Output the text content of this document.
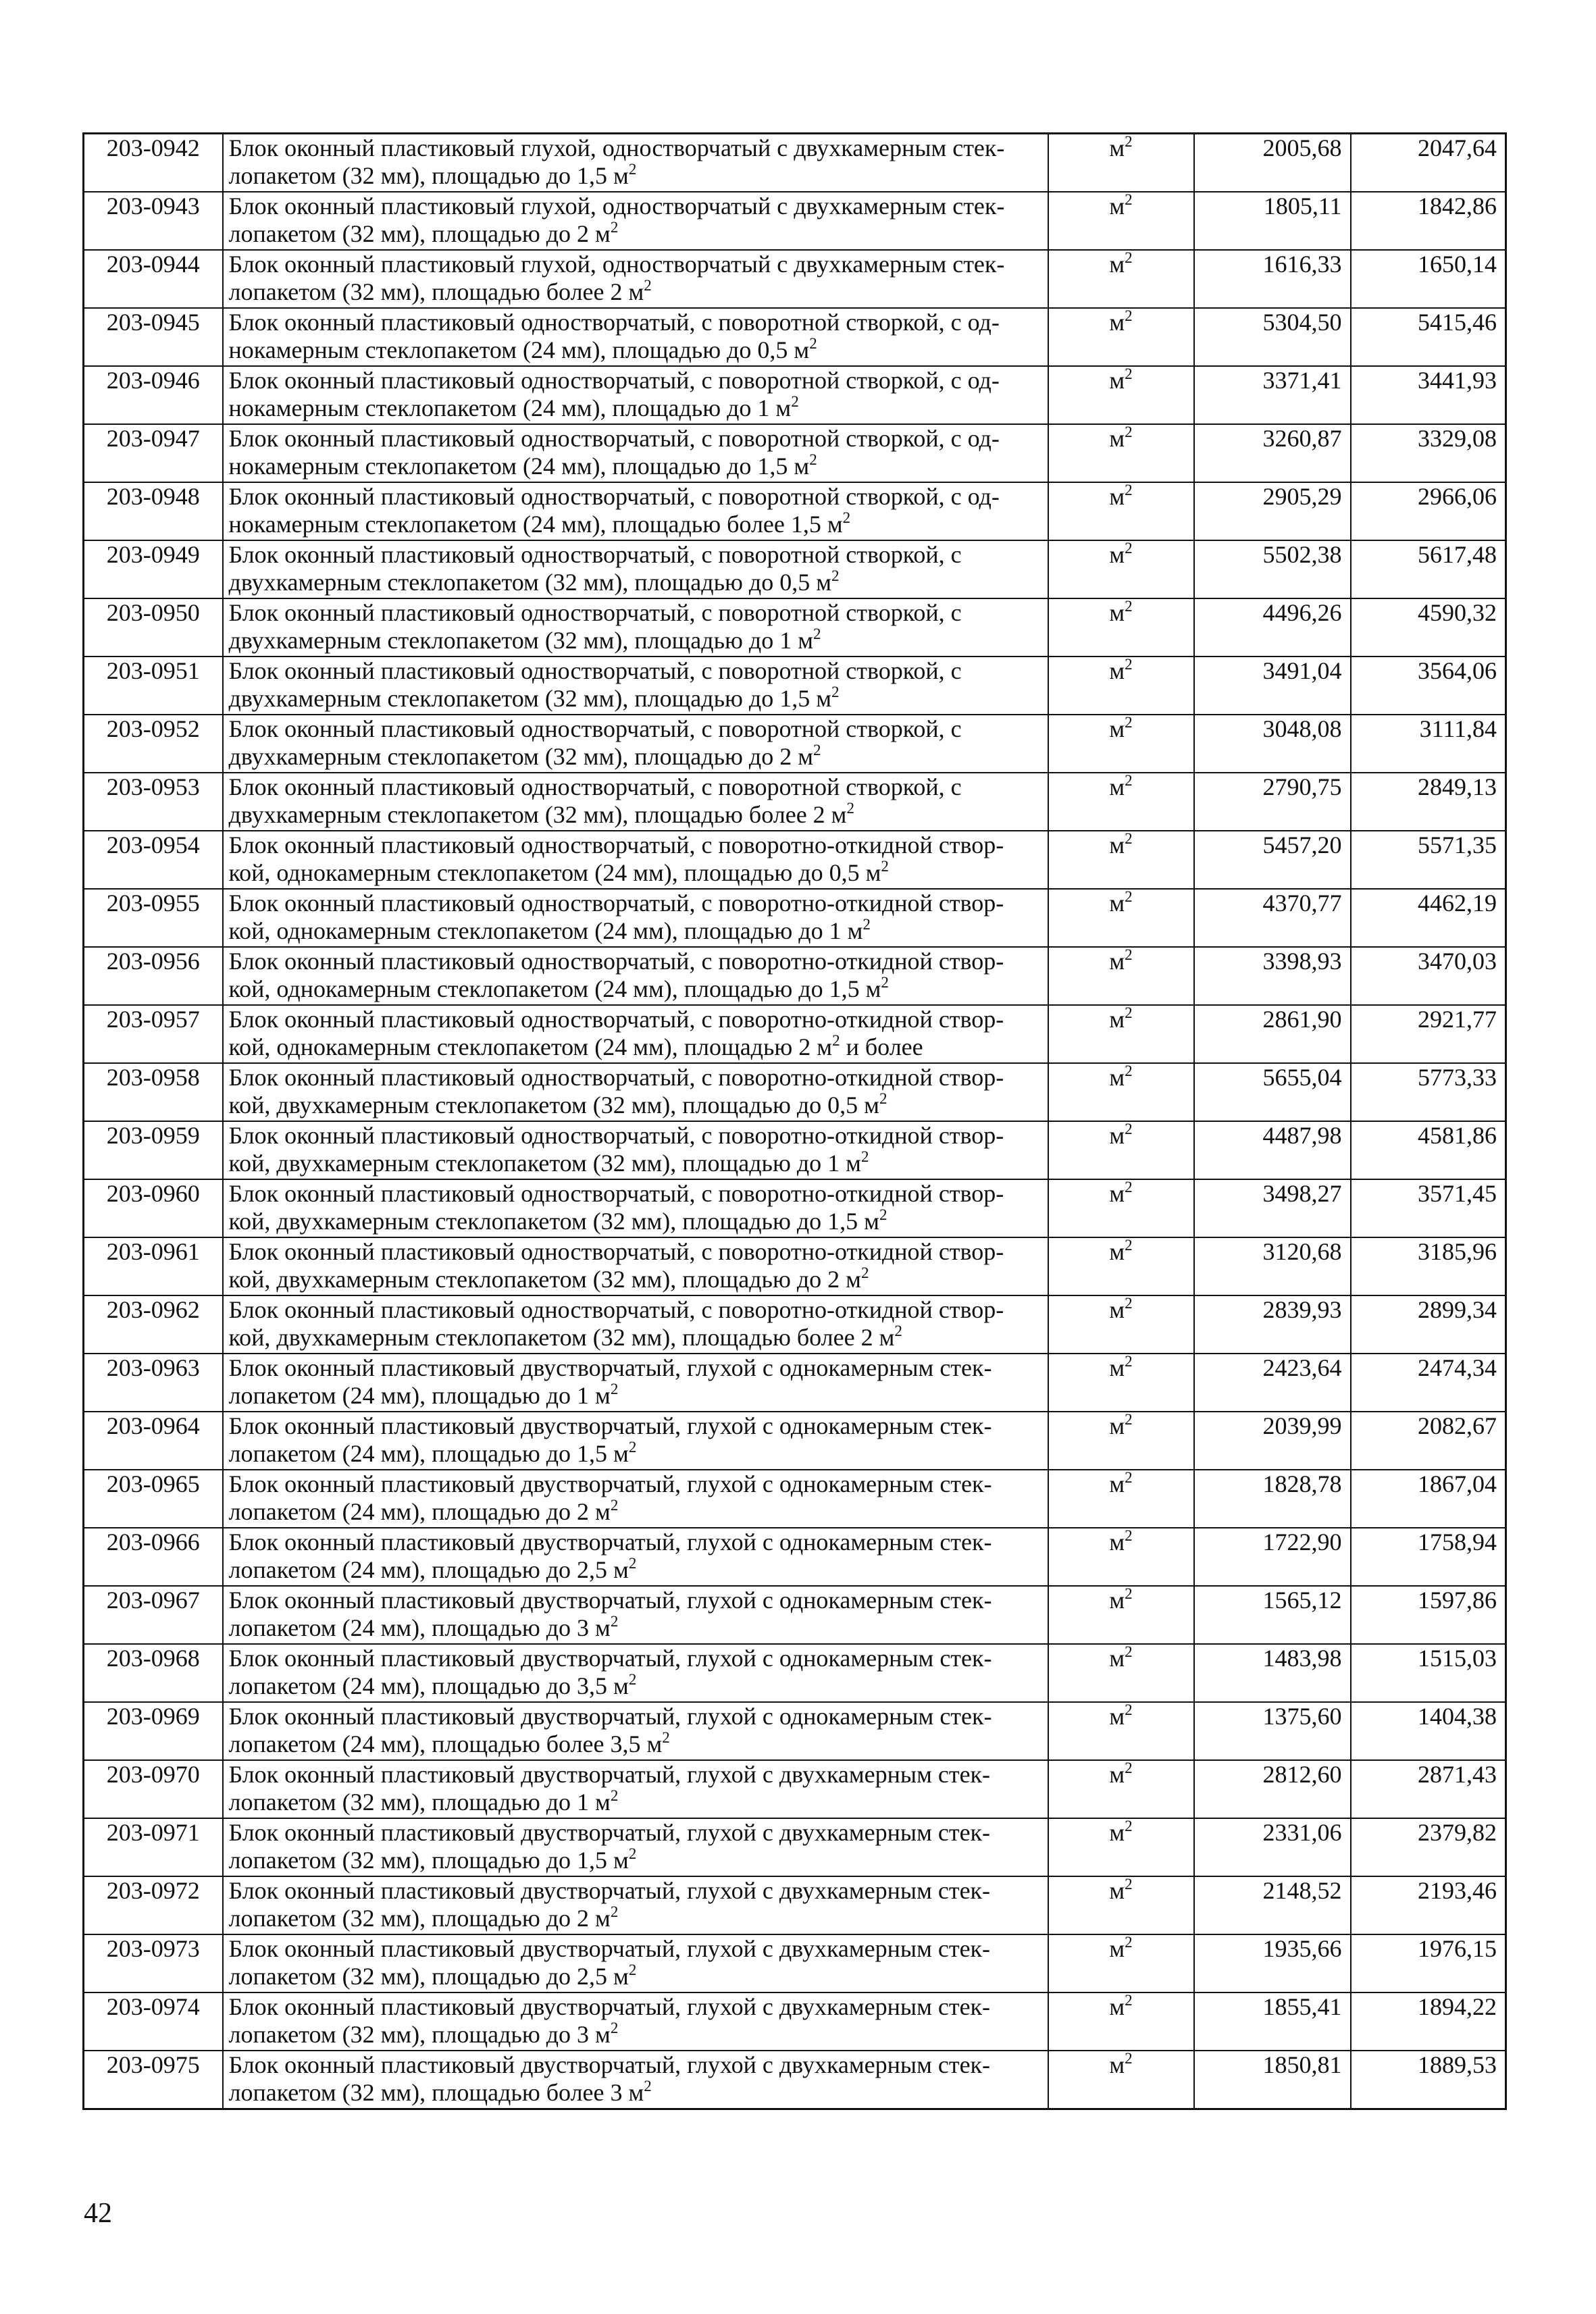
203-0942	Блок оконный пластиковый глухой, одностворчатый с двухкамерным стек-
лопакетом (32 мм), площадью до 1,5 $м^2$	$м^2$	2005,68	2047,64
203-0943	Блок оконный пластиковый глухой, одностворчатый с двухкамерным стек-
лопакетом (32 мм), площадью до 2 $м^2$	$м^2$	1805,11	1842,86
203-0944	Блок оконный пластиковый глухой, одностворчатый с двухкамерным стек-
лопакетом (32 мм), площадью более 2 $м^2$	$м^2$	1616,33	1650,14
203-0945	Блок оконный пластиковый одностворчатый, с поворотной створкой, с од-
нокамерным стеклопакетом (24 мм), площадью до 0,5 $м^2$	$м^2$	5304,50	5415,46
203-0946	Блок оконный пластиковый одностворчатый, с поворотной створкой, с од-
нокамерным стеклопакетом (24 мм), площадью до 1 $м^2$	$м^2$	3371,41	3441,93
203-0947	Блок оконный пластиковый одностворчатый, с поворотной створкой, с од-
нокамерным стеклопакетом (24 мм), площадью до 1,5 $м^2$	$м^2$	3260,87	3329,08
203-0948	Блок оконный пластиковый одностворчатый, с поворотной створкой, с од-
нокамерным стеклопакетом (24 мм), площадью более 1,5 $м^2$	$м^2$	2905,29	2966,06
203-0949	Блок оконный пластиковый одностворчатый, с поворотной створкой, с
двухкамерным стеклопакетом (32 мм), площадью до 0,5 $м^2$	$м^2$	5502,38	5617,48
203-0950	Блок оконный пластиковый одностворчатый, с поворотной створкой, с
двухкамерным стеклопакетом (32 мм), площадью до 1 $м^2$	$м^2$	4496,26	4590,32
203-0951	Блок оконный пластиковый одностворчатый, с поворотной створкой, с
двухкамерным стеклопакетом (32 мм), площадью до 1,5 $м^2$	$м^2$	3491,04	3564,06
203-0952	Блок оконный пластиковый одностворчатый, с поворотной створкой, с
двухкамерным стеклопакетом (32 мм), площадью до 2 $м^2$	$м^2$	3048,08	3111,84
203-0953	Блок оконный пластиковый одностворчатый, с поворотной створкой, с
двухкамерным стеклопакетом (32 мм), площадью более 2 $м^2$	$м^2$	2790,75	2849,13
203-0954	Блок оконный пластиковый одностворчатый, с поворотно-откидной створ-
кой, однокамерным стеклопакетом (24 мм), площадью до 0,5 $м^2$	$м^2$	5457,20	5571,35
203-0955	Блок оконный пластиковый одностворчатый, с поворотно-откидной створ-
кой, однокамерным стеклопакетом (24 мм), площадью до 1 $м^2$	$м^2$	4370,77	4462,19
203-0956	Блок оконный пластиковый одностворчатый, с поворотно-откидной створ-
кой, однокамерным стеклопакетом (24 мм), площадью до 1,5 $м^2$	$м^2$	3398,93	3470,03
203-0957	Блок оконный пластиковый одностворчатый, с поворотно-откидной створ-
кой, однокамерным стеклопакетом (24 мм), площадью 2 $м^2$ и более	$м^2$	2861,90	2921,77
203-0958	Блок оконный пластиковый одностворчатый, с поворотно-откидной створ-
кой, двухкамерным стеклопакетом (32 мм), площадью до 0,5 $м^2$	$м^2$	5655,04	5773,33
203-0959	Блок оконный пластиковый одностворчатый, с поворотно-откидной створ-
кой, двухкамерным стеклопакетом (32 мм), площадью до 1 $м^2$	$м^2$	4487,98	4581,86
203-0960	Блок оконный пластиковый одностворчатый, с поворотно-откидной створ-
кой, двухкамерным стеклопакетом (32 мм), площадью до 1,5 $м^2$	$м^2$	3498,27	3571,45
203-0961	Блок оконный пластиковый одностворчатый, с поворотно-откидной створ-
кой, двухкамерным стеклопакетом (32 мм), площадью до 2 $м^2$	$м^2$	3120,68	3185,96
203-0962	Блок оконный пластиковый одностворчатый, с поворотно-откидной створ-
кой, двухкамерным стеклопакетом (32 мм), площадью более 2 $м^2$	$м^2$	2839,93	2899,34
203-0963	Блок оконный пластиковый двустворчатый, глухой с однокамерным стек-
лопакетом (24 мм), площадью до 1 $м^2$	$м^2$	2423,64	2474,34
203-0964	Блок оконный пластиковый двустворчатый, глухой с однокамерным стек-
лопакетом (24 мм), площадью до 1,5 $м^2$	$м^2$	2039,99	2082,67
203-0965	Блок оконный пластиковый двустворчатый, глухой с однокамерным стек-
лопакетом (24 мм), площадью до 2 $м^2$	$м^2$	1828,78	1867,04
203-0966	Блок оконный пластиковый двустворчатый, глухой с однокамерным стек-
лопакетом (24 мм), площадью до 2,5 $м^2$	$м^2$	1722,90	1758,94
203-0967	Блок оконный пластиковый двустворчатый, глухой с однокамерным стек-
лопакетом (24 мм), площадью до 3 $м^2$	$м^2$	1565,12	1597,86
203-0968	Блок оконный пластиковый двустворчатый, глухой с однокамерным стек-
лопакетом (24 мм), площадью до 3,5 $м^2$	$м^2$	1483,98	1515,03
203-0969	Блок оконный пластиковый двустворчатый, глухой с однокамерным стек-
лопакетом (24 мм), площадью более 3,5 $м^2$	$м^2$	1375,60	1404,38
203-0970	Блок оконный пластиковый двустворчатый, глухой с двухкамерным стек-
лопакетом (32 мм), площадью до 1 $м^2$	$м^2$	2812,60	2871,43
203-0971	Блок оконный пластиковый двустворчатый, глухой с двухкамерным стек-
лопакетом (32 мм), площадью до 1,5 $м^2$	$м^2$	2331,06	2379,82
203-0972	Блок оконный пластиковый двустворчатый, глухой с двухкамерным стек-
лопакетом (32 мм), площадью до 2 $м^2$	$м^2$	2148,52	2193,46
203-0973	Блок оконный пластиковый двустворчатый, глухой с двухкамерным стек-
лопакетом (32 мм), площадью до 2,5 $м^2$	$м^2$	1935,66	1976,15
203-0974	Блок оконный пластиковый двустворчатый, глухой с двухкамерным стек-
лопакетом (32 мм), площадью до 3 $м^2$	$м^2$	1855,41	1894,22
203-0975	Блок оконный пластиковый двустворчатый, глухой с двухкамерным стек-
лопакетом (32 мм), площадью более 3 $м^2$	$м^2$	1850,81	1889,53
42
